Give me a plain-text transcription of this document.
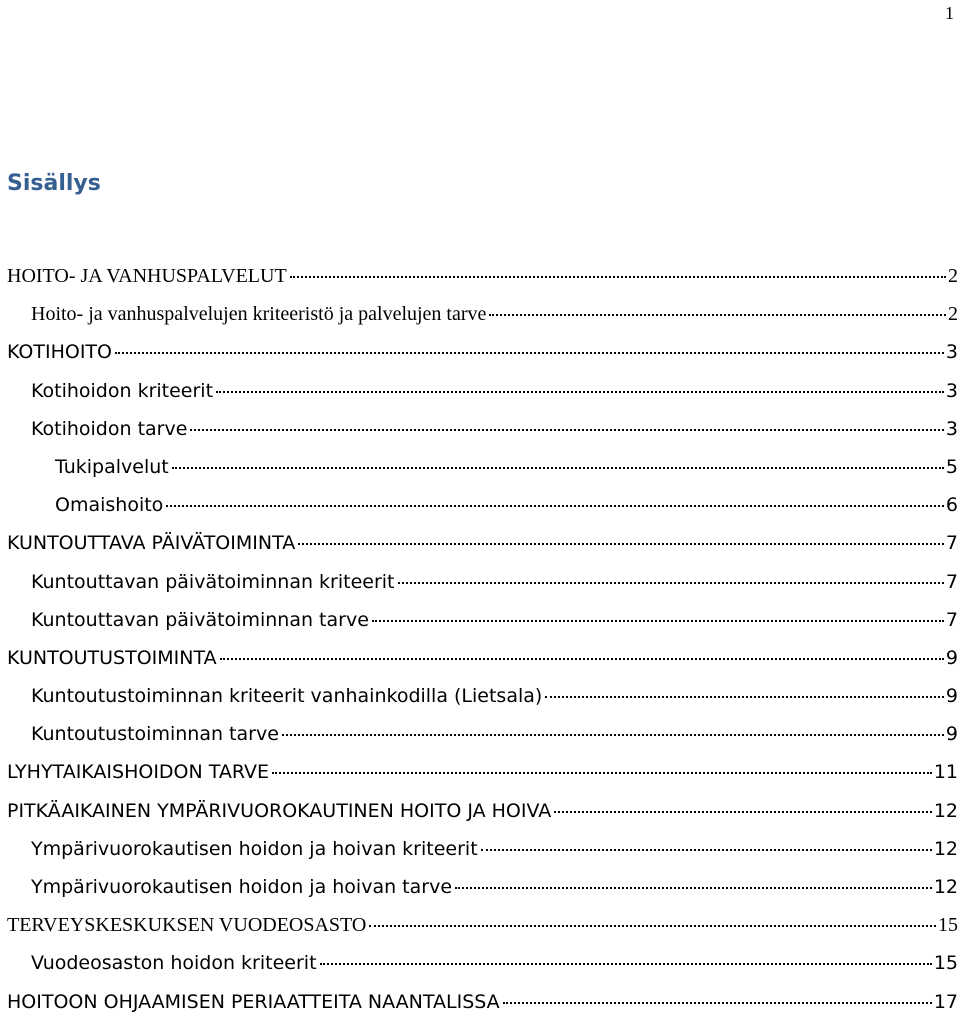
1
Sisällys
HOITO- JA VANHUSPALVELUT	2
Hoito- ja vanhuspalvelujen kriteeristö ja palvelujen tarve	2
KOTIHOITO	3
Kotihoidon kriteerit	3
Kotihoidon tarve	3
Tukipalvelut	5
Omaishoito	6
KUNTOUTTAVA PÄIVÄTOIMINTA	7
Kuntouttavan päivätoiminnan kriteerit	7
Kuntouttavan päivätoiminnan tarve	7
KUNTOUTUSTOIMINTA	9
Kuntoutustoiminnan kriteerit vanhainkodilla (Lietsala)	9
Kuntoutustoiminnan tarve	9
LYHYTAIKAISHOIDON TARVE	11
PITKÄAIKAINEN YMPÄRIVUOROKAUTINEN HOITO JA HOIVA	12
Ympärivuorokautisen hoidon ja hoivan kriteerit	12
Ympärivuorokautisen hoidon ja hoivan tarve	12
TERVEYSKESKUKSEN VUODEOSASTO	15
Vuodeosaston hoidon kriteerit	15
HOITOON OHJAAMISEN PERIAATTEITA NAANTALISSA	17
